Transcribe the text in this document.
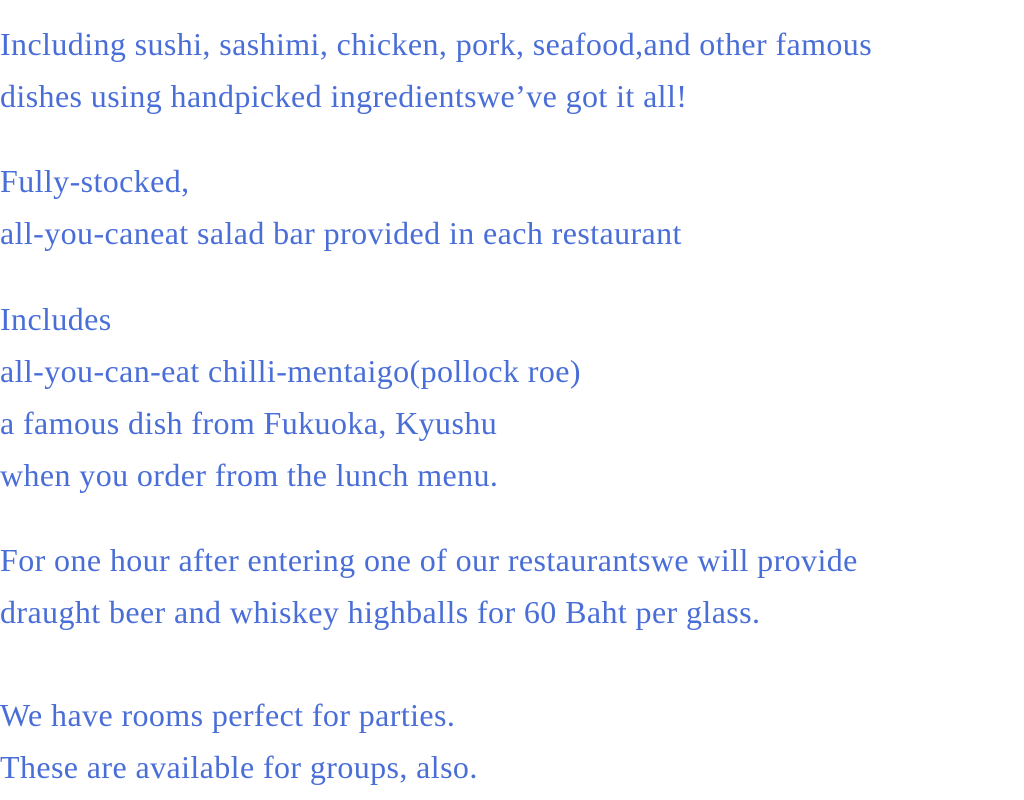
Including sushi, sashimi, chicken, pork, seafood,and other famous
dishes using handpicked ingredientswe’ve got it all!

Fully-stocked,
all-you-caneat salad bar provided in each restaurant

Includes
all-you-can-eat chilli-mentaigo(pollock roe)
a famous dish from Fukuoka, Kyushu
when you order from the lunch menu.

For one hour after entering one of our restaurantswe will provide
draught beer and whiskey highballs for 60 Baht per glass.

We have rooms perfect for parties.
These are available for groups, also.
